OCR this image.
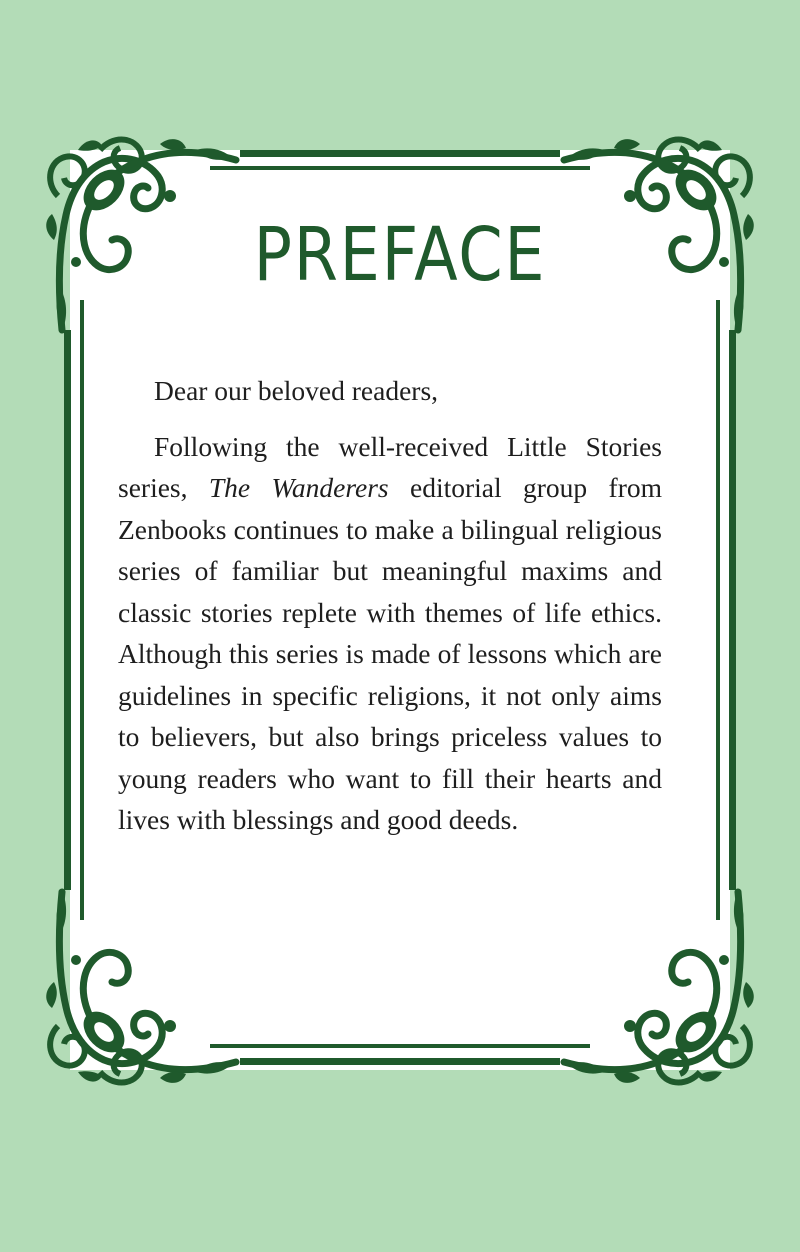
PREFACE

Dear our beloved readers,

Following the well-received Little Stories series, The Wanderers editorial group from Zenbooks continues to make a bilingual religious series of familiar but meaningful maxims and classic stories replete with themes of life ethics. Although this series is made of lessons which are guidelines in specific religions, it not only aims to believers, but also brings priceless values to young readers who want to fill their hearts and lives with blessings and good deeds.
